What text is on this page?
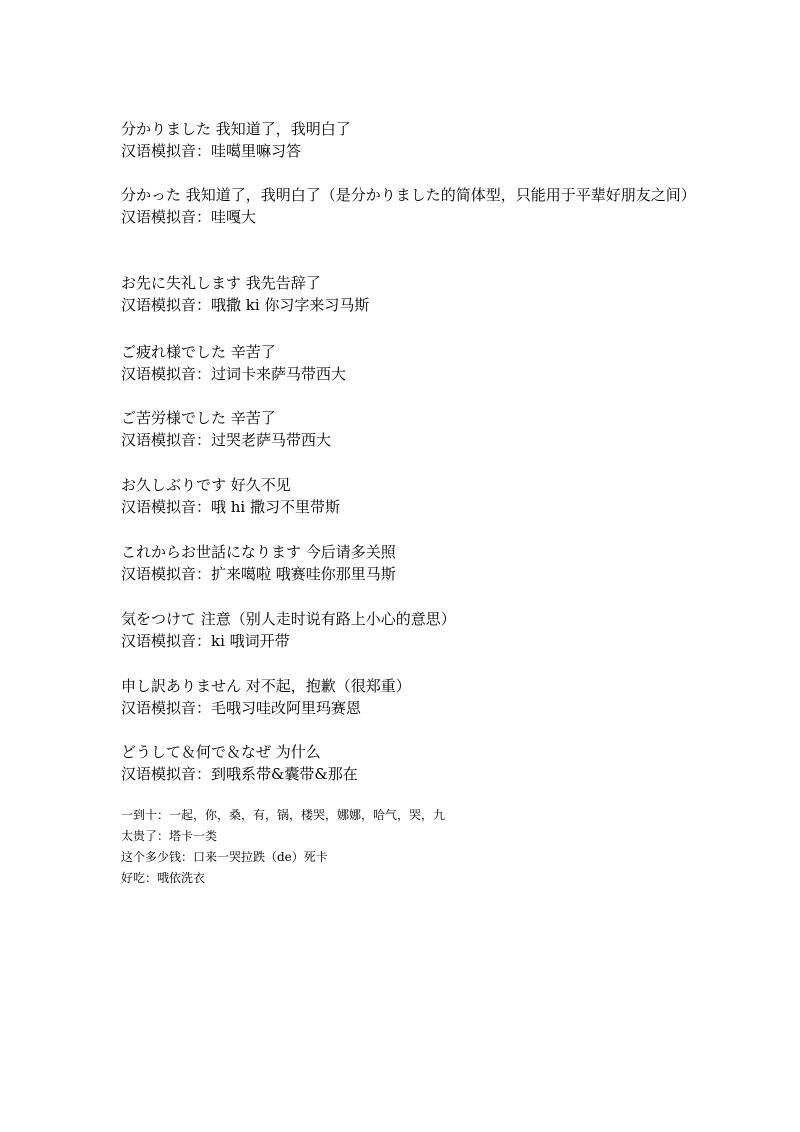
分かりました 我知道了，我明白了
汉语模拟音：哇噶里嘛习答
分かった 我知道了，我明白了（是分かりました的简体型，只能用于平辈好朋友之间）
汉语模拟音：哇嘎大
お先に失礼します 我先告辞了
汉语模拟音：哦撒 ki 你习字来习马斯
ご疲れ様でした 辛苦了
汉语模拟音：过词卡来萨马带西大
ご苦労様でした 辛苦了
汉语模拟音：过哭老萨马带西大
お久しぶりです 好久不见
汉语模拟音：哦 hi 撒习不里带斯
これからお世話になります 今后请多关照
汉语模拟音：扩来噶啦 哦赛哇你那里马斯
気をつけて 注意（别人走时说有路上小心的意思）
汉语模拟音：ki 哦词开带
申し訳ありません 对不起，抱歉（很郑重）
汉语模拟音：毛哦习哇改阿里玛赛恩
どうして＆何で＆なぜ 为什么
汉语模拟音：到哦系带&囊带&那在
一到十：一起，你，桑，有，锅，楼哭，娜娜，哈气，哭，九
太贵了：塔卡一类
这个多少钱：口来一哭拉跌（de）死卡
好吃：哦依洗衣
